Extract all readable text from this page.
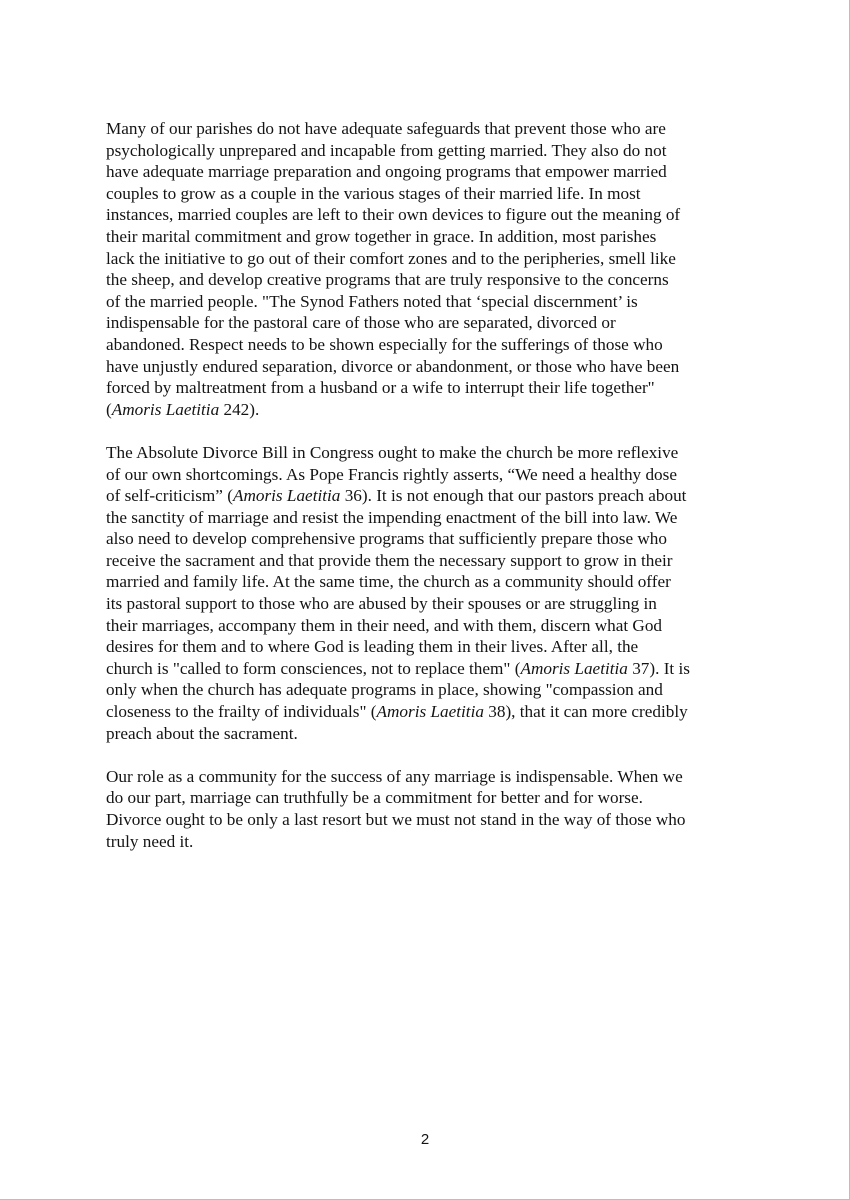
Many of our parishes do not have adequate safeguards that prevent those who are
psychologically unprepared and incapable from getting married. They also do not
have adequate marriage preparation and ongoing programs that empower married
couples to grow as a couple in the various stages of their married life. In most
instances, married couples are left to their own devices to figure out the meaning of
their marital commitment and grow together in grace. In addition, most parishes
lack the initiative to go out of their comfort zones and to the peripheries, smell like
the sheep, and develop creative programs that are truly responsive to the concerns
of the married people. "The Synod Fathers noted that ‘special discernment’ is
indispensable for the pastoral care of those who are separated, divorced or
abandoned. Respect needs to be shown especially for the sufferings of those who
have unjustly endured separation, divorce or abandonment, or those who have been
forced by maltreatment from a husband or a wife to interrupt their life together"
(Amoris Laetitia 242).

The Absolute Divorce Bill in Congress ought to make the church be more reflexive
of our own shortcomings. As Pope Francis rightly asserts, “We need a healthy dose
of self-criticism” (Amoris Laetitia 36). It is not enough that our pastors preach about
the sanctity of marriage and resist the impending enactment of the bill into law. We
also need to develop comprehensive programs that sufficiently prepare those who
receive the sacrament and that provide them the necessary support to grow in their
married and family life. At the same time, the church as a community should offer
its pastoral support to those who are abused by their spouses or are struggling in
their marriages, accompany them in their need, and with them, discern what God
desires for them and to where God is leading them in their lives. After all, the
church is "called to form consciences, not to replace them" (Amoris Laetitia 37). It is
only when the church has adequate programs in place, showing "compassion and
closeness to the frailty of individuals" (Amoris Laetitia 38), that it can more credibly
preach about the sacrament.

Our role as a community for the success of any marriage is indispensable. When we
do our part, marriage can truthfully be a commitment for better and for worse.
Divorce ought to be only a last resort but we must not stand in the way of those who
truly need it.

2
